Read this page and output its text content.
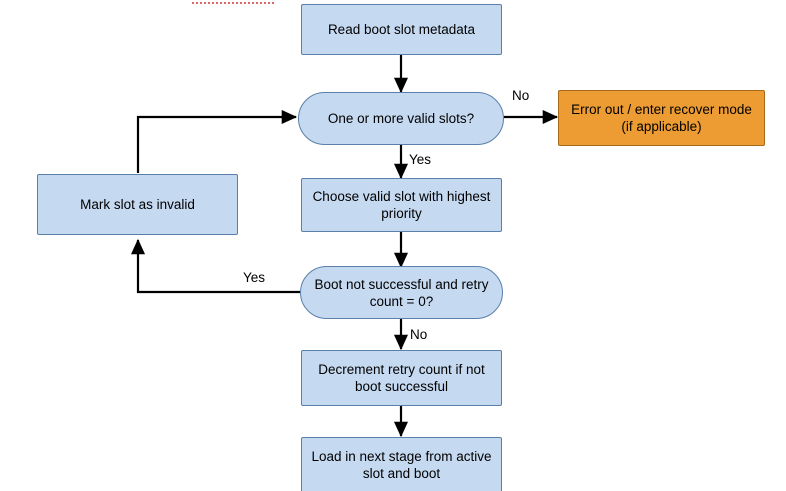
Read boot slot metadata
One or more valid slots?
Error out / enter recover mode (if applicable)
Choose valid slot with highest priority
Boot not successful and retry count = 0?
Mark slot as invalid
Decrement retry count if not boot successful
Load in next stage from active slot and boot
No
Yes
Yes
No
